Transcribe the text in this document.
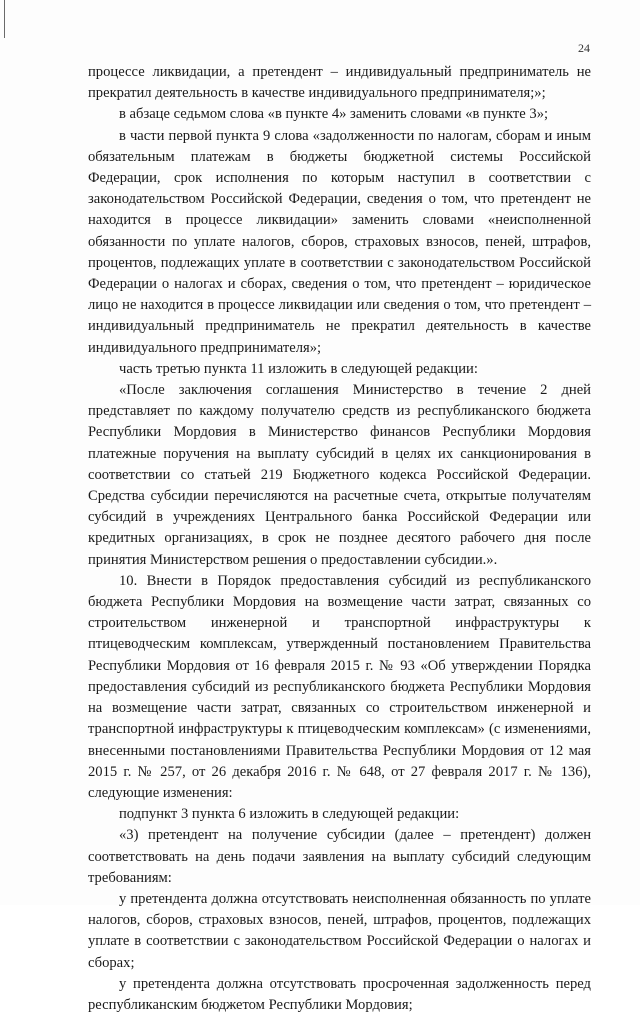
24

процессе ликвидации, а претендент – индивидуальный предприниматель не прекратил деятельность в качестве индивидуального предпринимателя;»;

в абзаце седьмом слова «в пункте 4» заменить словами «в пункте 3»;

в части первой пункта 9 слова «задолженности по налогам, сборам и иным обязательным платежам в бюджеты бюджетной системы Российской Федерации, срок исполнения по которым наступил в соответствии с законодательством Российской Федерации, сведения о том, что претендент не находится в процессе ликвидации» заменить словами «неисполненной обязанности по уплате налогов, сборов, страховых взносов, пеней, штрафов, процентов, подлежащих уплате в соответствии с законодательством Российской Федерации о налогах и сборах, сведения о том, что претендент – юридическое лицо не находится в процессе ликвидации или сведения о том, что претендент – индивидуальный предприниматель не прекратил деятельность в качестве индивидуального предпринимателя»;

часть третью пункта 11 изложить в следующей редакции:

«После заключения соглашения Министерство в течение 2 дней представляет по каждому получателю средств из республиканского бюджета Республики Мордовия в Министерство финансов Республики Мордовия платежные поручения на выплату субсидий в целях их санкционирования в соответствии со статьей 219 Бюджетного кодекса Российской Федерации. Средства субсидии перечисляются на расчетные счета, открытые получателям субсидий в учреждениях Центрального банка Российской Федерации или кредитных организациях, в срок не позднее десятого рабочего дня после принятия Министерством решения о предоставлении субсидии.».

10. Внести в Порядок предоставления субсидий из республиканского бюджета Республики Мордовия на возмещение части затрат, связанных со строительством инженерной и транспортной инфраструктуры к птицеводческим комплексам, утвержденный постановлением Правительства Республики Мордовия от 16 февраля 2015 г. № 93 «Об утверждении Порядка предоставления субсидий из республиканского бюджета Республики Мордовия на возмещение части затрат, связанных со строительством инженерной и транспортной инфраструктуры к птицеводческим комплексам» (с изменениями, внесенными постановлениями Правительства Республики Мордовия от 12 мая 2015 г. № 257, от 26 декабря 2016 г. № 648, от 27 февраля 2017 г. № 136), следующие изменения:

подпункт 3 пункта 6 изложить в следующей редакции:

«3) претендент на получение субсидии (далее – претендент) должен соответствовать на день подачи заявления на выплату субсидий следующим требованиям:

у претендента должна отсутствовать неисполненная обязанность по уплате налогов, сборов, страховых взносов, пеней, штрафов, процентов, подлежащих уплате в соответствии с законодательством Российской Федерации о налогах и сборах;

у претендента должна отсутствовать просроченная задолженность перед республиканским бюджетом Республики Мордовия;
